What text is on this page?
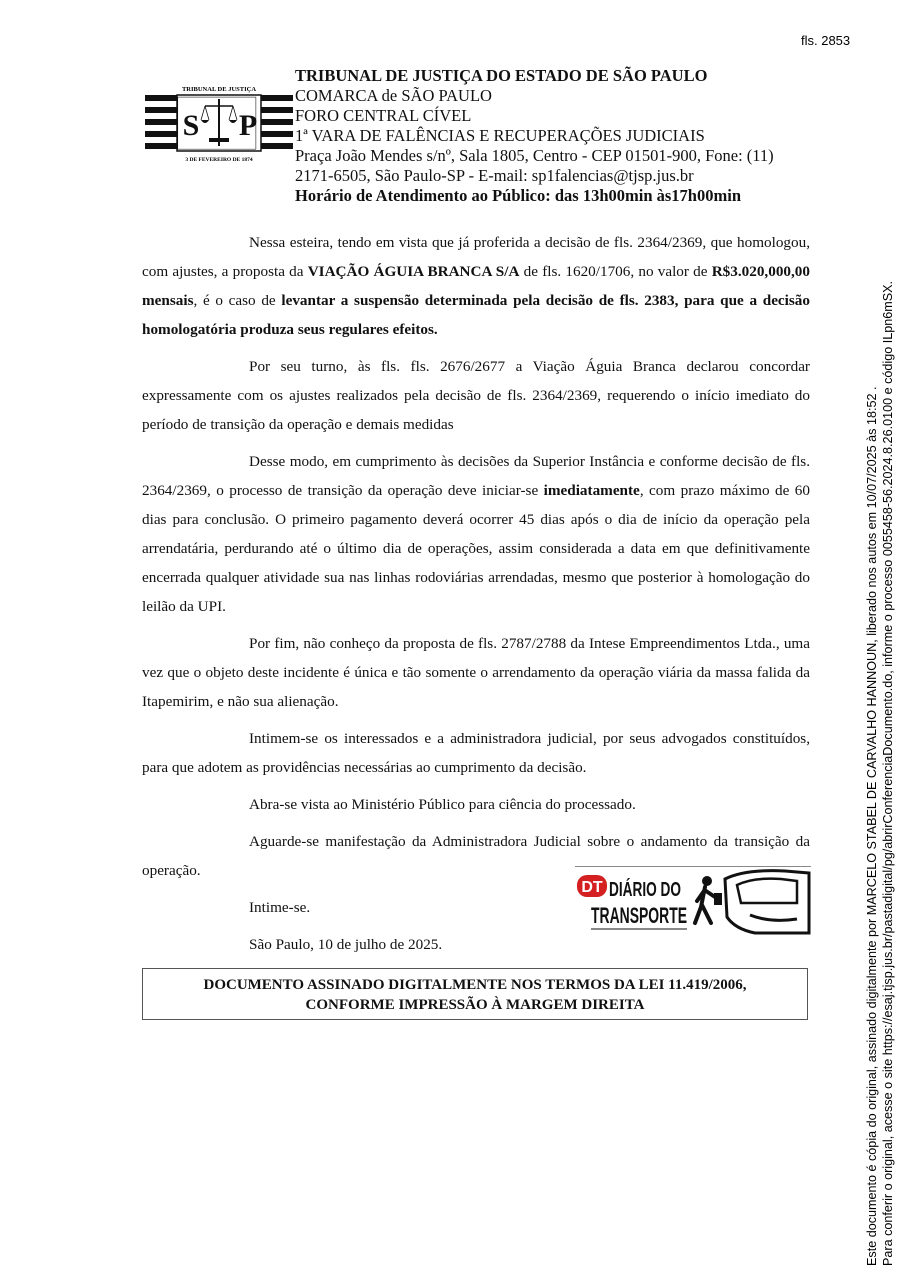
fls. 2853
TRIBUNAL DE JUSTIÇA
S P
3 DE FEVEREIRO DE 1874
TRIBUNAL DE JUSTIÇA DO ESTADO DE SÃO PAULO
COMARCA de SÃO PAULO
FORO CENTRAL CÍVEL
1ª VARA DE FALÊNCIAS E RECUPERAÇÕES JUDICIAIS
Praça João Mendes s/nº, Sala 1805, Centro - CEP 01501-900, Fone: (11)
2171-6505, São Paulo-SP - E-mail: sp1falencias@tjsp.jus.br
Horário de Atendimento ao Público: das 13h00min às17h00min

Nessa esteira, tendo em vista que já proferida a decisão de fls. 2364/2369, que homologou, com ajustes, a proposta da VIAÇÃO ÁGUIA BRANCA S/A de fls. 1620/1706, no valor de R$3.020,000,00 mensais, é o caso de levantar a suspensão determinada pela decisão de fls. 2383, para que a decisão homologatória produza seus regulares efeitos.

Por seu turno, às fls. fls. 2676/2677 a Viação Águia Branca declarou concordar expressamente com os ajustes realizados pela decisão de fls. 2364/2369, requerendo o início imediato do período de transição da operação e demais medidas

Desse modo, em cumprimento às decisões da Superior Instância e conforme decisão de fls. 2364/2369, o processo de transição da operação deve iniciar-se imediatamente, com prazo máximo de 60 dias para conclusão. O primeiro pagamento deverá ocorrer 45 dias após o dia de início da operação pela arrendatária, perdurando até o último dia de operações, assim considerada a data em que definitivamente encerrada qualquer atividade sua nas linhas rodoviárias arrendadas, mesmo que posterior à homologação do leilão da UPI.

Por fim, não conheço da proposta de fls. 2787/2788 da Intese Empreendimentos Ltda., uma vez que o objeto deste incidente é única e tão somente o arrendamento da operação viária da massa falida da Itapemirim, e não sua alienação.

Intimem-se os interessados e a administradora judicial, por seus advogados constituídos, para que adotem as providências necessárias ao cumprimento da decisão.

Abra-se vista ao Ministério Público para ciência do processado.

Aguarde-se manifestação da Administradora Judicial sobre o andamento da transição da operação.

Intime-se.

São Paulo, 10 de julho de 2025.

DT DIÁRIO DO
TRANSPORTE
DOCUMENTO ASSINADO DIGITALMENTE NOS TERMOS DA LEI 11.419/2006,
CONFORME IMPRESSÃO À MARGEM DIREITA	Este documento é cópia do original, assinado digitalmente por MARCELO STABEL DE CARVALHO HANNOUN, liberado nos autos em 10/07/2025 às 18:52 . Para conferir o original, acesse o site https://esaj.tjsp.jus.br/pastadigital/pg/abrirConferenciaDocumento.do, informe o processo 0055458-56.2024.8.26.0100 e código ILpn6mSX.
